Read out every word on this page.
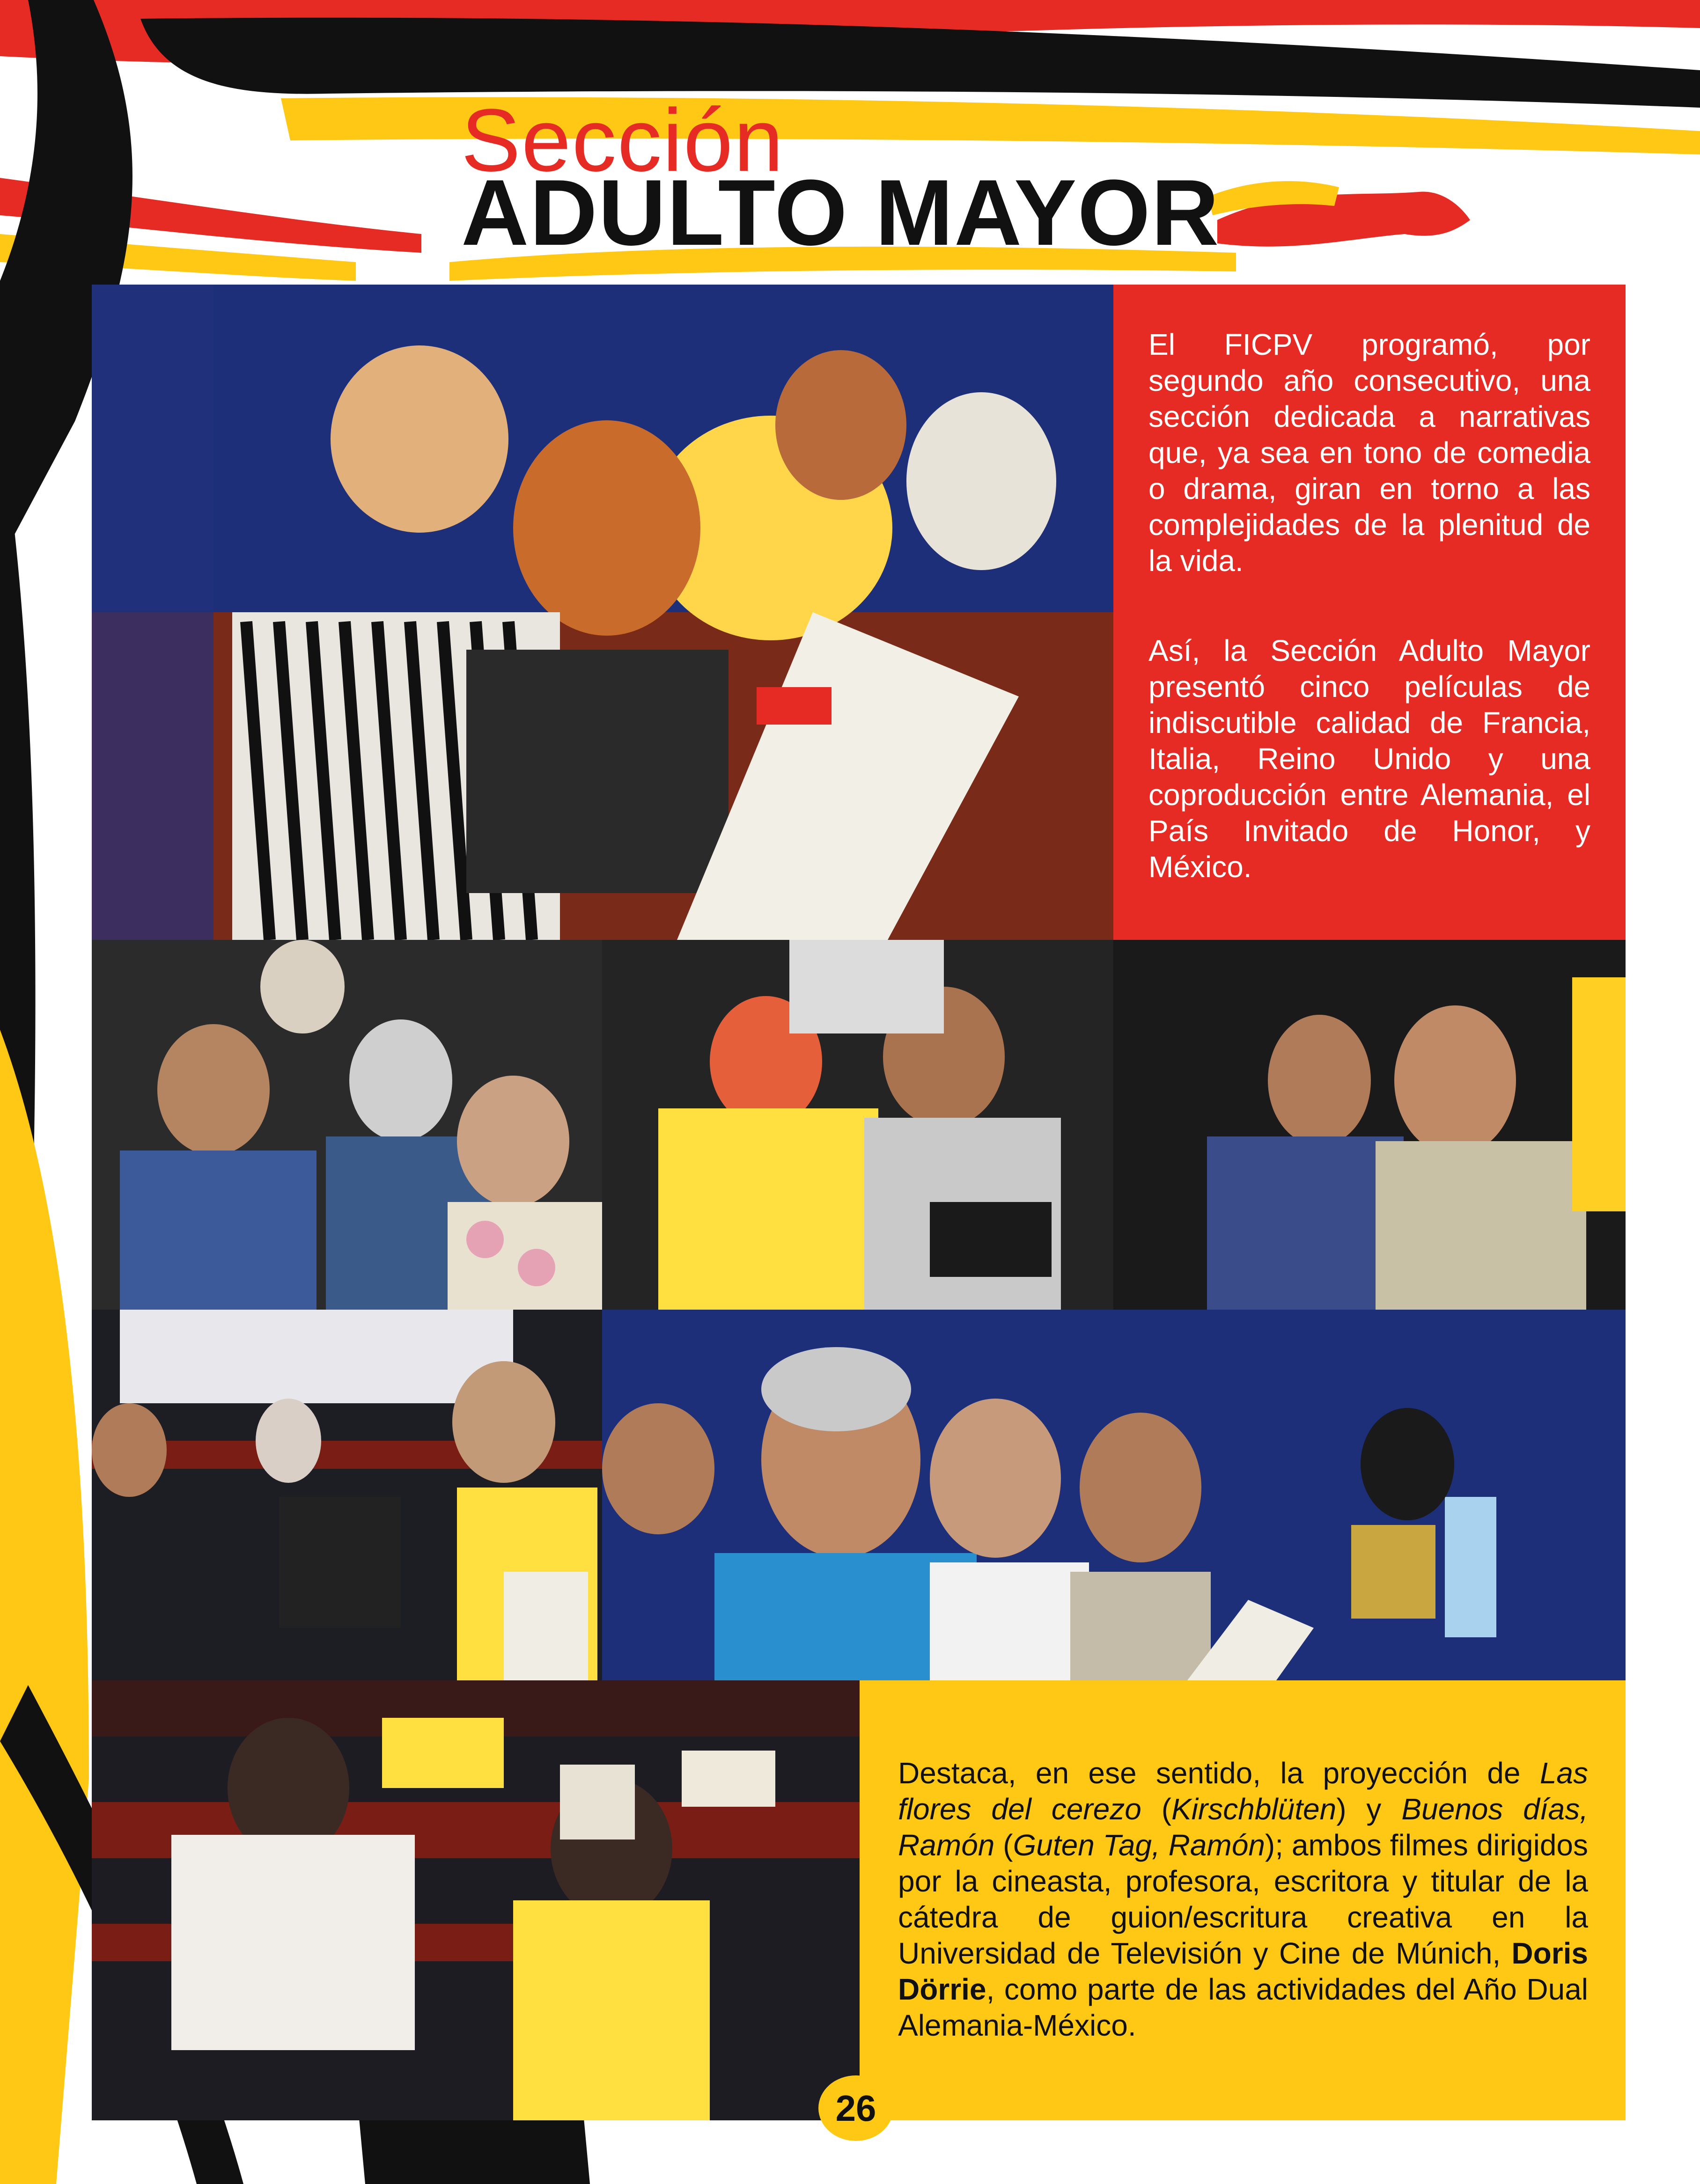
Sección
ADULTO MAYOR

El FICPV programó, por segundo año consecutivo, una sección dedicada a narrativas que, ya sea en tono de comedia o drama, giran en torno a las complejidades de la plenitud de la vida.

Así, la Sección Adulto Mayor presentó cinco películas de indiscutible calidad de Francia, Italia, Reino Unido y una coproducción entre Alemania, el País Invitado de Honor, y México.

Destaca, en ese sentido, la proyección de Las flores del cerezo (Kirschblüten) y Buenos días, Ramón (Guten Tag, Ramón); ambos filmes dirigidos por la cineasta, profesora, escritora y titular de la cátedra de guion/escritura creativa en la Universidad de Televisión y Cine de Múnich, Doris Dörrie, como parte de las actividades del Año Dual Alemania-México.

26
